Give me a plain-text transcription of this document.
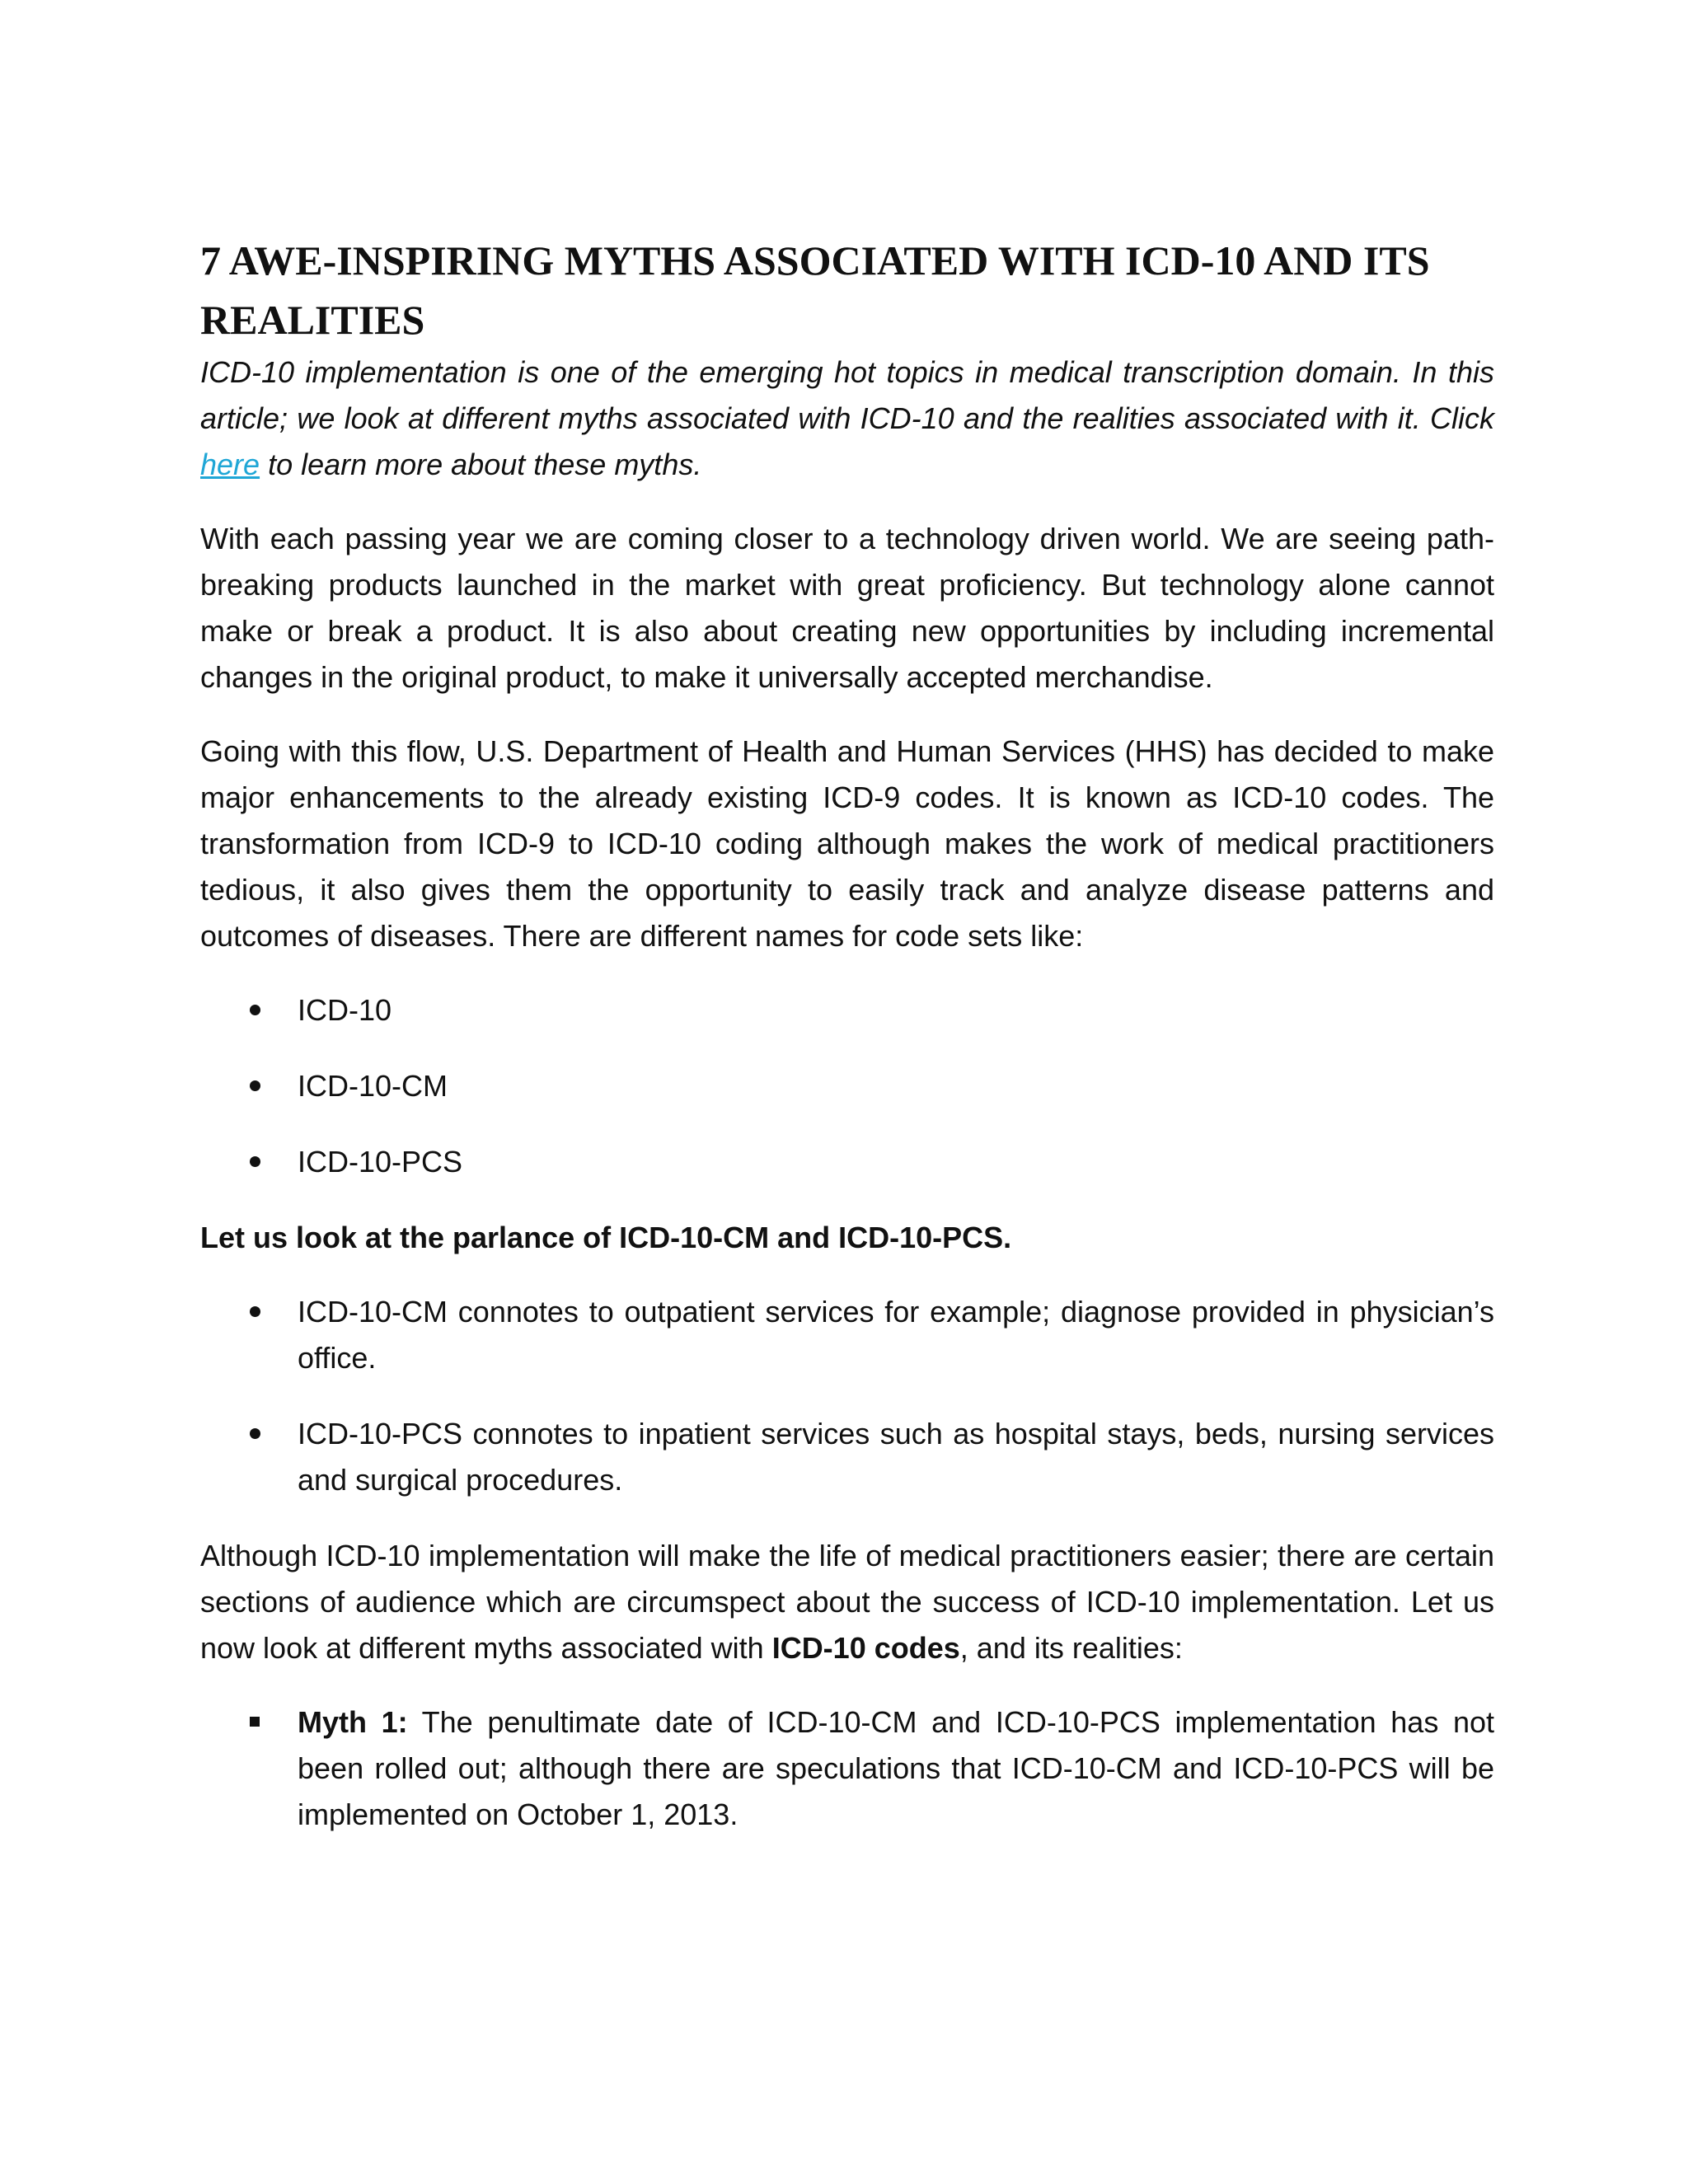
7 AWE-INSPIRING MYTHS ASSOCIATED WITH ICD-10 AND ITS REALITIES

ICD-10 implementation is one of the emerging hot topics in medical transcription domain. In this article; we look at different myths associated with ICD-10 and the realities associated with it. Click here to learn more about these myths.

With each passing year we are coming closer to a technology driven world. We are seeing path-breaking products launched in the market with great proficiency. But technology alone cannot make or break a product. It is also about creating new opportunities by including incremental changes in the original product, to make it universally accepted merchandise.

Going with this flow, U.S. Department of Health and Human Services (HHS) has decided to make major enhancements to the already existing ICD-9 codes. It is known as ICD-10 codes. The transformation from ICD-9 to ICD-10 coding although makes the work of medical practitioners tedious, it also gives them the opportunity to easily track and analyze disease patterns and outcomes of diseases. There are different names for code sets like:

ICD-10
ICD-10-CM
ICD-10-PCS

Let us look at the parlance of ICD-10-CM and ICD-10-PCS.

ICD-10-CM connotes to outpatient services for example; diagnose provided in physician’s office.
ICD-10-PCS connotes to inpatient services such as hospital stays, beds, nursing services and surgical procedures.

Although ICD-10 implementation will make the life of medical practitioners easier; there are certain sections of audience which are circumspect about the success of ICD-10 implementation. Let us now look at different myths associated with ICD-10 codes, and its realities:

Myth 1: The penultimate date of ICD-10-CM and ICD-10-PCS implementation has not been rolled out; although there are speculations that ICD-10-CM and ICD-10-PCS will be implemented on October 1, 2013.
